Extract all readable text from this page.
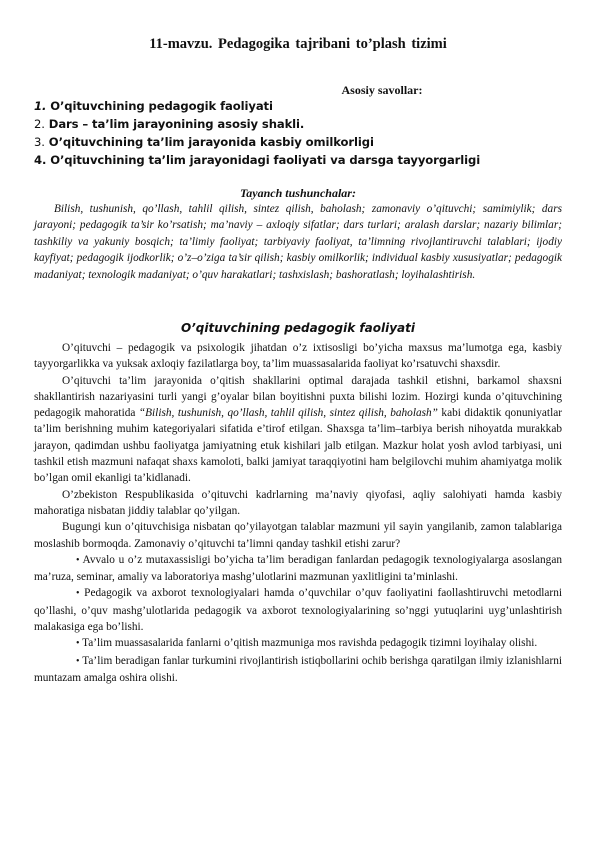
11-mavzu. Pedagogika tajribani to’plash tizimi
Asosiy savollar:
1. O’qituvchining pedagogik faoliyati
2. Dars – ta’lim jarayonining asosiy shakli.
3. O’qituvchining ta’lim jarayonida kasbiy omilkorligi
4. O’qituvchining ta’lim jarayonidagi faoliyati va darsga tayyorgarligi
Tayanch tushunchalar:
Bilish, tushunish, qo’llash, tahlil qilish, sintez qilish, baholash; zamonaviy o’qituvchi; samimiylik; dars jarayoni; pedagogik ta’sir ko’rsatish; ma’naviy – axloqiy sifatlar; dars turlari; aralash darslar; nazariy bilimlar; tashkiliy va yakuniy bosqich; ta’limiy faoliyat; tarbiyaviy faoliyat, ta’limning rivojlantiruvchi talablari; ijodiy kayfiyat; pedagogik ijodkorlik; o’z–o’ziga ta’sir qilish; kasbiy omilkorlik; individual kasbiy xususiyatlar; pedagogik madaniyat; texnologik madaniyat; o’quv harakatlari; tashxislash; bashoratlash; loyihalashtirish.
O’qituvchining pedagogik faoliyati

O’qituvchi – pedagogik va psixologik jihatdan o’z ixtisosligi bo’yicha maxsus ma’lumotga ega, kasbiy tayyorgarlikka va yuksak axloqiy fazilatlarga boy, ta’lim muassasalarida faoliyat ko’rsatuvchi shaxsdir.

O’qituvchi ta’lim jarayonida o’qitish shakllarini optimal darajada tashkil etishni, barkamol shaxsni shakllantirish nazariyasini turli yangi g’oyalar bilan boyitishni puxta bilishi lozim. Hozirgi kunda o’qituvchining pedagogik mahoratida “Bilish, tushunish, qo’llash, tahlil qilish, sintez qilish, baholash” kabi didaktik qonuniyatlar ta’lim berishning muhim kategoriyalari sifatida e’tirof etilgan. Shaxsga ta’lim–tarbiya berish nihoyatda murakkab jarayon, qadimdan ushbu faoliyatga jamiyatning etuk kishilari jalb etilgan. Mazkur holat yosh avlod tarbiyasi, uni tashkil etish mazmuni nafaqat shaxs kamoloti, balki jamiyat taraqqiyotini ham belgilovchi muhim ahamiyatga molik bo’lgan omil ekanligi ta’kidlanadi.

O’zbekiston Respublikasida o’qituvchi kadrlarning ma’naviy qiyofasi, aqliy salohiyati hamda kasbiy mahoratiga nisbatan jiddiy talablar qo’yilgan.

Bugungi kun o’qituvchisiga nisbatan qo’yilayotgan talablar mazmuni yil sayin yangilanib, zamon talablariga moslashib bormoqda. Zamonaviy o’qituvchi ta’limni qanday tashkil etishi zarur?

• Avvalo u o’z mutaxassisligi bo’yicha ta’lim beradigan fanlardan pedagogik texnologiyalarga asoslangan ma’ruza, seminar, amaliy va laboratoriya mashg’ulotlarini mazmunan yaxlitligini ta’minlashi.

• Pedagogik va axborot texnologiyalari hamda o’quvchilar o’quv faoliyatini faollashtiruvchi metodlarni qo’llashi, o’quv mashg’ulotlarida pedagogik va axborot texnologiyalarining so’nggi yutuqlarini uyg’unlashtirish malakasiga ega bo’lishi.

• Ta’lim muassasalarida fanlarni o’qitish mazmuniga mos ravishda pedagogik tizimni loyihalay olishi.

• Ta’lim beradigan fanlar turkumini rivojlantirish istiqbollarini ochib berishga qaratilgan ilmiy izlanishlarni muntazam amalga oshira olishi.
